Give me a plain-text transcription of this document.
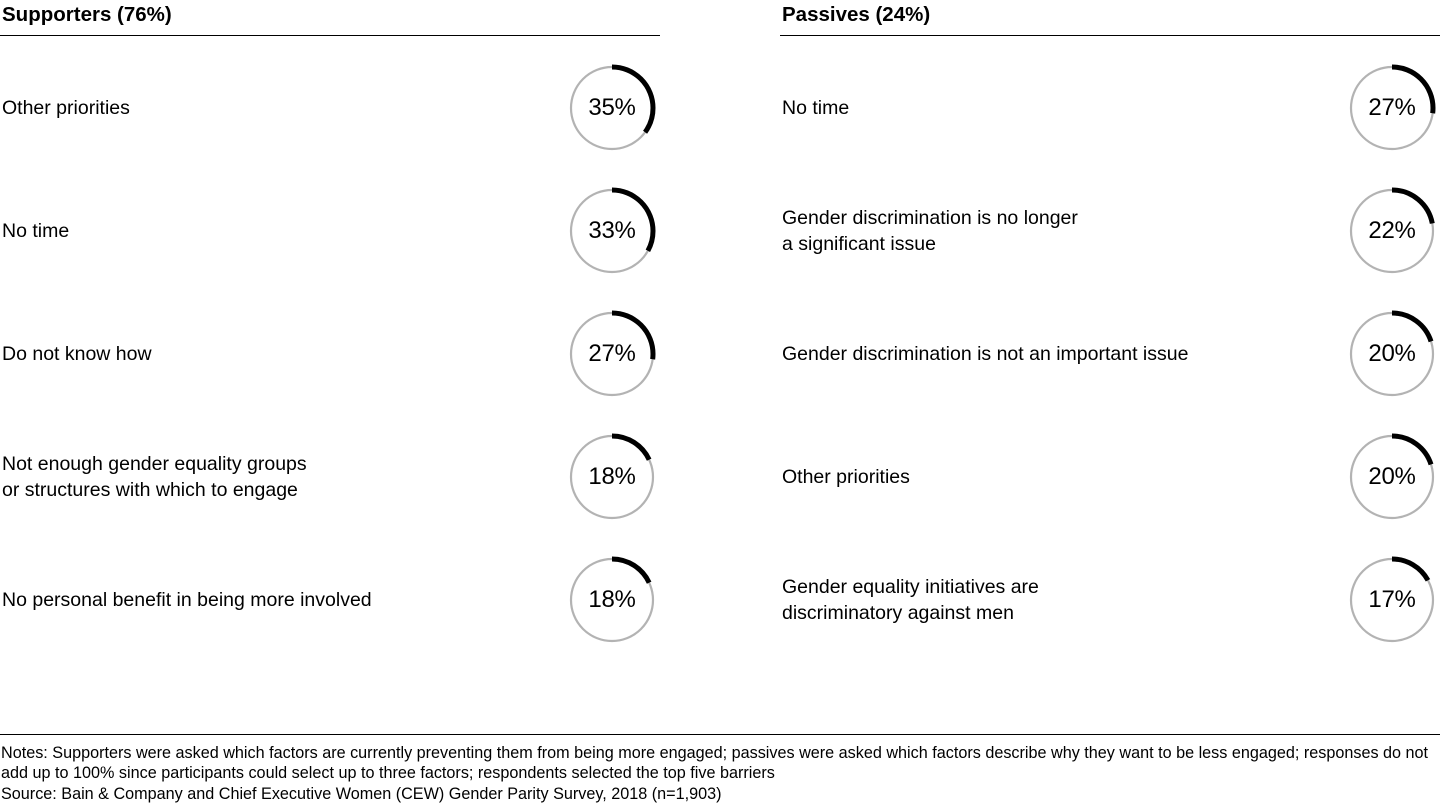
Supporters (76%)
Other priorities	35%
No time	33%
Do not know how	27%
Not enough gender equality groups
or structures with which to engage	18%
No personal benefit in being more involved	18%
Passives (24%)
No time	27%
Gender discrimination is no longer
a significant issue	22%
Gender discrimination is not an important issue	20%
Other priorities	20%
Gender equality initiatives are
discriminatory against men	17%
Notes: Supporters were asked which factors are currently preventing them from being more engaged; passives were asked which factors describe why they want to be less engaged; responses do not add up to 100% since participants could select up to three factors; respondents selected the top five barriers
Source: Bain & Company and Chief Executive Women (CEW) Gender Parity Survey, 2018 (n=1,903)
